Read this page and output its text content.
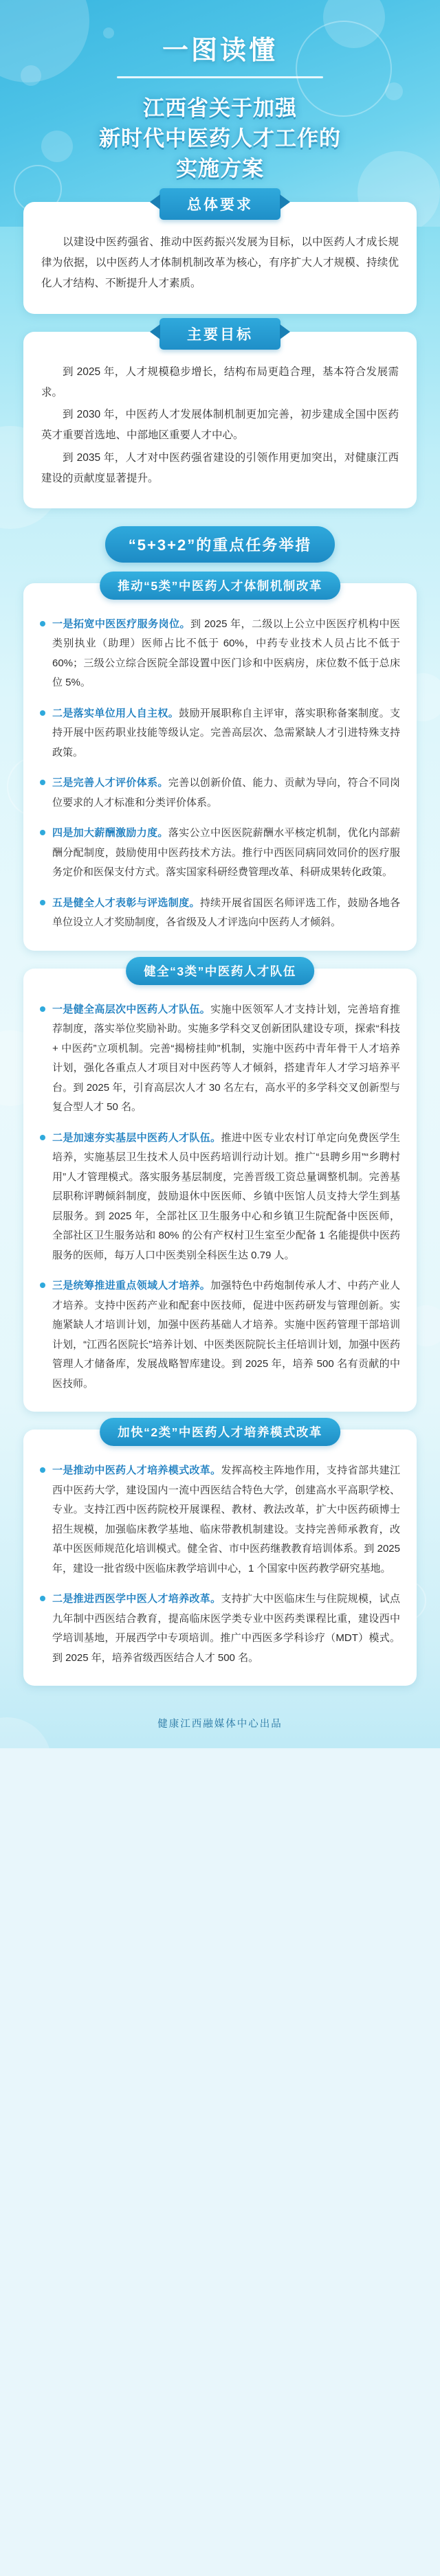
一图读懂
江西省关于加强
新时代中医药人才工作的
实施方案
总体要求

以建设中医药强省、推动中医药振兴发展为目标，以中医药人才成长规律为依据，以中医药人才体制机制改革为核心，有序扩大人才规模、持续优化人才结构、不断提升人才素质。

主要目标

到 2025 年，人才规模稳步增长，结构布局更趋合理，基本符合发展需求。

到 2030 年，中医药人才发展体制机制更加完善，初步建成全国中医药英才重要首选地、中部地区重要人才中心。

到 2035 年，人才对中医药强省建设的引领作用更加突出，对健康江西建设的贡献度显著提升。

“5+3+2”的重点任务举措
推动“5类”中医药人才体制机制改革

一是拓宽中医医疗服务岗位。到 2025 年，二级以上公立中医医疗机构中医类别执业（助理）医师占比不低于 60%，中药专业技术人员占比不低于 60%；三级公立综合医院全部设置中医门诊和中医病房，床位数不低于总床位 5%。

二是落实单位用人自主权。鼓励开展职称自主评审，落实职称备案制度。支持开展中医药职业技能等级认定。完善高层次、急需紧缺人才引进特殊支持政策。

三是完善人才评价体系。完善以创新价值、能力、贡献为导向，符合不同岗位要求的人才标准和分类评价体系。

四是加大薪酬激励力度。落实公立中医医院薪酬水平核定机制，优化内部薪酬分配制度，鼓励使用中医药技术方法。推行中西医同病同效同价的医疗服务定价和医保支付方式。落实国家科研经费管理改革、科研成果转化政策。

五是健全人才表彰与评选制度。持续开展省国医名师评选工作，鼓励各地各单位设立人才奖励制度，各省级及人才评选向中医药人才倾斜。

健全“3类”中医药人才队伍

一是健全高层次中医药人才队伍。实施中医领军人才支持计划，完善培育推荐制度，落实举位奖励补助。实施多学科交叉创新团队建设专项，探索“科技 + 中医药”立项机制。完善“揭榜挂帅”机制，实施中医药中青年骨干人才培养计划，强化各重点人才项目对中医药等人才倾斜，搭建青年人才学习培养平台。到 2025 年，引育高层次人才 30 名左右，高水平的多学科交叉创新型与复合型人才 50 名。

二是加速夯实基层中医药人才队伍。推进中医专业农村订单定向免费医学生培养，实施基层卫生技术人员中医药培训行动计划。推广“县聘乡用”“乡聘村用”人才管理模式。落实服务基层制度，完善晋级工资总量调整机制。完善基层职称评聘倾斜制度，鼓励退休中医医师、乡镇中医馆人员支持大学生到基层服务。到 2025 年，全部社区卫生服务中心和乡镇卫生院配备中医医师，全部社区卫生服务站和 80% 的公有产权村卫生室至少配备 1 名能提供中医药服务的医师，每万人口中医类别全科医生达 0.79 人。

三是统筹推进重点领域人才培养。加强特色中药炮制传承人才、中药产业人才培养。支持中医药产业和配套中医技师，促进中医药研发与管理创新。实施紧缺人才培训计划，加强中医药基础人才培养。实施中医药管理干部培训计划，“江西名医院长”培养计划、中医类医院院长主任培训计划，加强中医药管理人才储备库，发展战略智库建设。到 2025 年，培养 500 名有贡献的中医技师。

加快“2类”中医药人才培养模式改革

一是推动中医药人才培养模式改革。发挥高校主阵地作用，支持省部共建江西中医药大学，建设国内一流中西医结合特色大学，创建高水平高职学校、专业。支持江西中医药院校开展课程、教材、教法改革，扩大中医药硕博士招生规模，加强临床教学基地、临床带教机制建设。支持完善师承教育，改革中医医师规范化培训模式。健全省、市中医药继教教育培训体系。到 2025 年，建设一批省级中医临床教学培训中心，1 个国家中医药教学研究基地。

二是推进西医学中医人才培养改革。支持扩大中医临床生与住院规模，试点九年制中西医结合教育，提高临床医学类专业中医药类课程比重，建设西中学培训基地，开展西学中专项培训。推广中西医多学科诊疗（MDT）模式。到 2025 年，培养省级西医结合人才 500 名。

健康江西融媒体中心出品
